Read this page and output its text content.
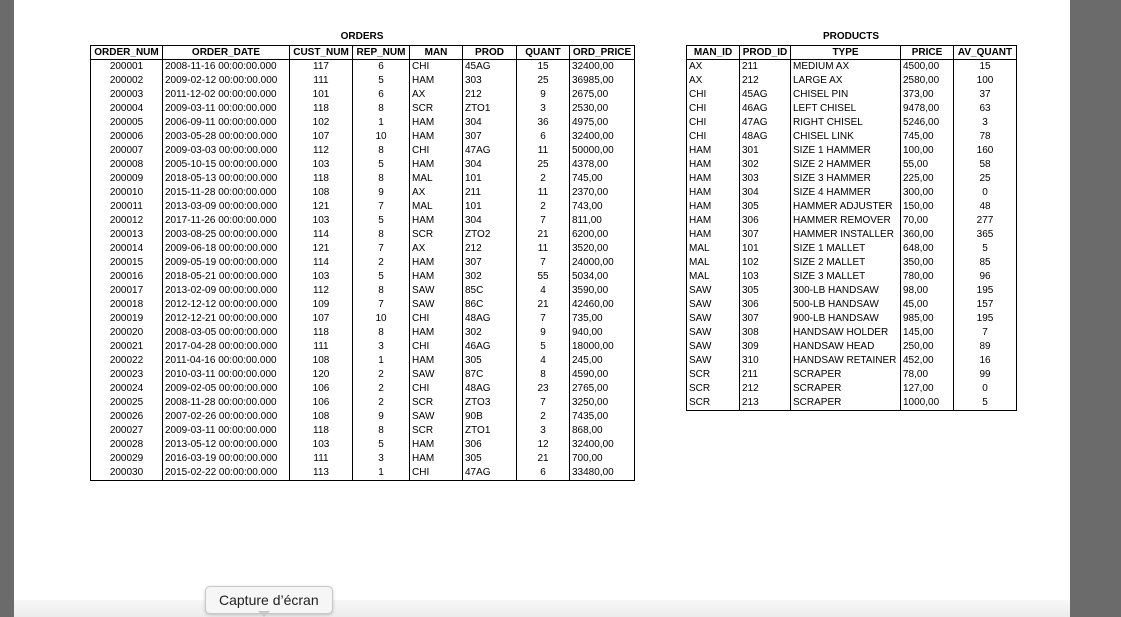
ORDERS
ORDER_NUM	ORDER_DATE	CUST_NUM	REP_NUM	MAN	PROD	QUANT	ORD_PRICE
200001	2008-11-16 00:00:00.000	117	6	CHI	45AG	15	32400,00
200002	2009-02-12 00:00:00.000	111	5	HAM	303	25	36985,00
200003	2011-12-02 00:00:00.000	101	6	AX	212	9	2675,00
200004	2009-03-11 00:00:00.000	118	8	SCR	ZTO1	3	2530,00
200005	2006-09-11 00:00:00.000	102	1	HAM	304	36	4975,00
200006	2003-05-28 00:00:00.000	107	10	HAM	307	6	32400,00
200007	2009-03-03 00:00:00.000	112	8	CHI	47AG	11	50000,00
200008	2005-10-15 00:00:00.000	103	5	HAM	304	25	4378,00
200009	2018-05-13 00:00:00.000	118	8	MAL	101	2	745,00
200010	2015-11-28 00:00:00.000	108	9	AX	211	11	2370,00
200011	2013-03-09 00:00:00.000	121	7	MAL	101	2	743,00
200012	2017-11-26 00:00:00.000	103	5	HAM	304	7	811,00
200013	2003-08-25 00:00:00.000	114	8	SCR	ZTO2	21	6200,00
200014	2009-06-18 00:00:00.000	121	7	AX	212	11	3520,00
200015	2009-05-19 00:00:00.000	114	2	HAM	307	7	24000,00
200016	2018-05-21 00:00:00.000	103	5	HAM	302	55	5034,00
200017	2013-02-09 00:00:00.000	112	8	SAW	85C	4	3590,00
200018	2012-12-12 00:00:00.000	109	7	SAW	86C	21	42460,00
200019	2012-12-21 00:00:00.000	107	10	CHI	48AG	7	735,00
200020	2008-03-05 00:00:00.000	118	8	HAM	302	9	940,00
200021	2017-04-28 00:00:00.000	111	3	CHI	46AG	5	18000,00
200022	2011-04-16 00:00:00.000	108	1	HAM	305	4	245,00
200023	2010-03-11 00:00:00.000	120	2	SAW	87C	8	4590,00
200024	2009-02-05 00:00:00.000	106	2	CHI	48AG	23	2765,00
200025	2008-11-28 00:00:00.000	106	2	SCR	ZTO3	7	3250,00
200026	2007-02-26 00:00:00.000	108	9	SAW	90B	2	7435,00
200027	2009-03-11 00:00:00.000	118	8	SCR	ZTO1	3	868,00
200028	2013-05-12 00:00:00.000	103	5	HAM	306	12	32400,00
200029	2016-03-19 00:00:00.000	111	3	HAM	305	21	700,00
200030	2015-02-22 00:00:00.000	113	1	CHI	47AG	6	33480,00
PRODUCTS
MAN_ID	PROD_ID	TYPE	PRICE	AV_QUANT
AX	211	MEDIUM AX	4500,00	15
AX	212	LARGE AX	2580,00	100
CHI	45AG	CHISEL PIN	373,00	37
CHI	46AG	LEFT CHISEL	9478,00	63
CHI	47AG	RIGHT CHISEL	5246,00	3
CHI	48AG	CHISEL LINK	745,00	78
HAM	301	SIZE 1 HAMMER	100,00	160
HAM	302	SIZE 2 HAMMER	55,00	58
HAM	303	SIZE 3 HAMMER	225,00	25
HAM	304	SIZE 4 HAMMER	300,00	0
HAM	305	HAMMER ADJUSTER	150,00	48
HAM	306	HAMMER REMOVER	70,00	277
HAM	307	HAMMER INSTALLER	360,00	365
MAL	101	SIZE 1 MALLET	648,00	5
MAL	102	SIZE 2 MALLET	350,00	85
MAL	103	SIZE 3 MALLET	780,00	96
SAW	305	300-LB HANDSAW	98,00	195
SAW	306	500-LB HANDSAW	45,00	157
SAW	307	900-LB HANDSAW	985,00	195
SAW	308	HANDSAW HOLDER	145,00	7
SAW	309	HANDSAW HEAD	250,00	89
SAW	310	HANDSAW RETAINER	452,00	16
SCR	211	SCRAPER	78,00	99
SCR	212	SCRAPER	127,00	0
SCR	213	SCRAPER	1000,00	5
Capture d’écran
